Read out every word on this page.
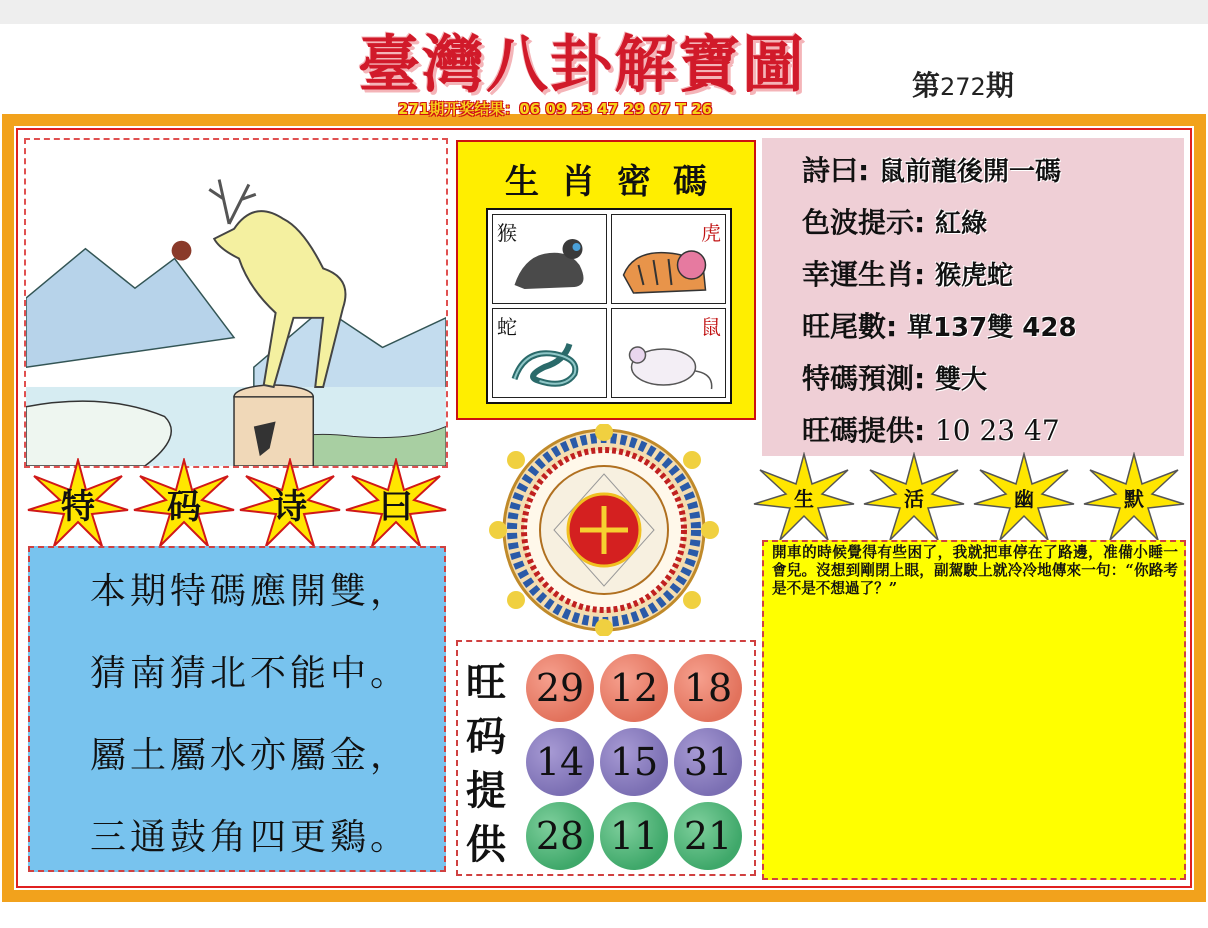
臺灣八卦解寶圖	第272期
271期开奖结果：06 09 23 47 29 07 T 26
生肖密碼
猴	虎
蛇	鼠
詩曰: 鼠前龍後開一碼
色波提示: 紅綠
幸運生肖: 猴虎蛇
旺尾數: 單137雙 428
特碼預測: 雙大
旺碼提供: 10 23 47
特	码	诗	曰	生	活	幽	默
本期特碼應開雙，
猜南猜北不能中。
屬土屬水亦屬金，
三通鼓角四更鷄。
旺
码
提
供
29 12 18
14 15 31
28 11 21
開車的時候覺得有些困了，我就把車停在了路邊，准備小睡一會兒。沒想到剛閉上眼，副駕駛上就冷冷地傳來一句：“你路考是不是不想過了？”
